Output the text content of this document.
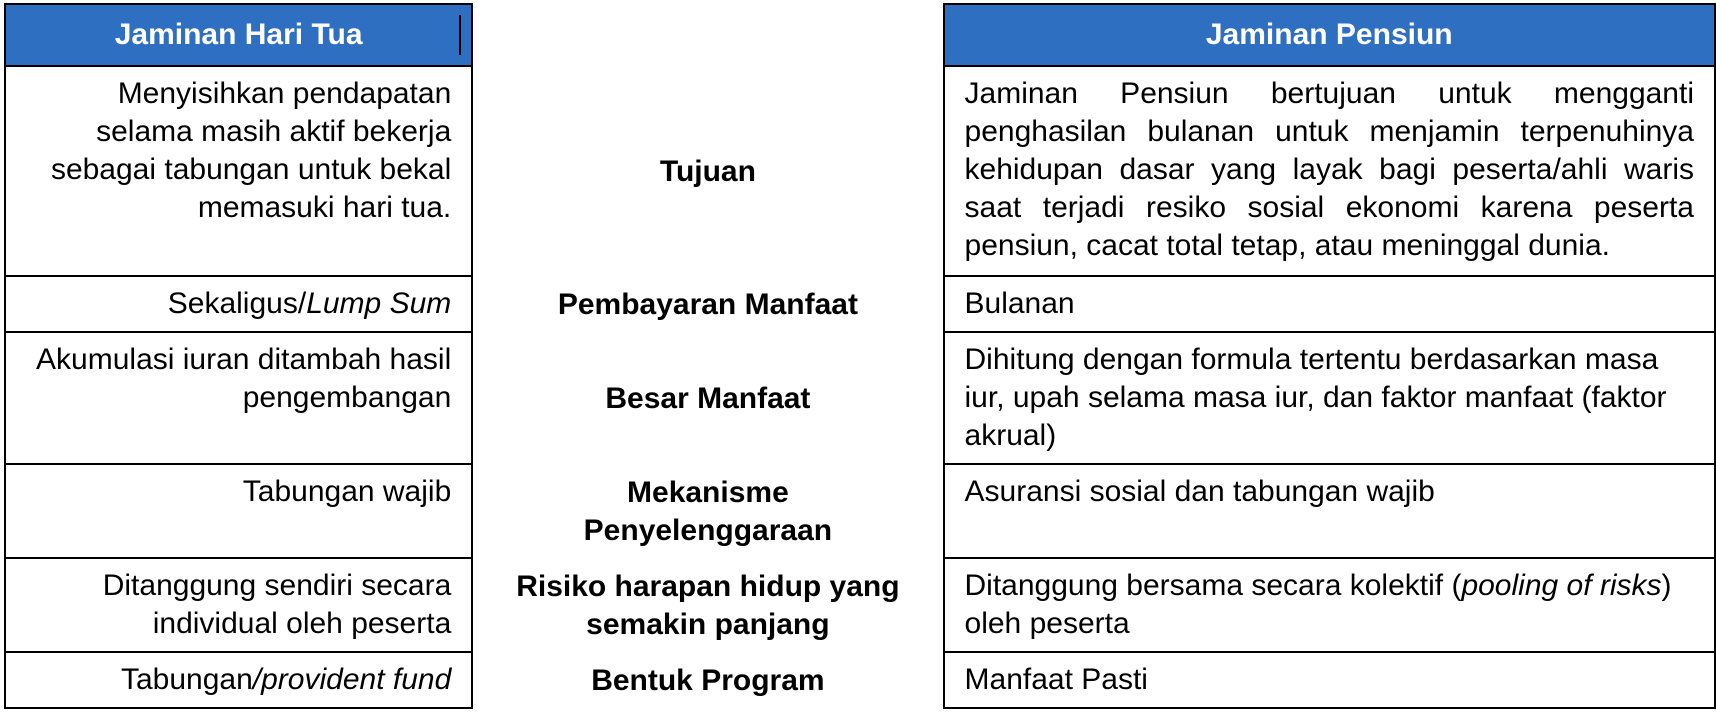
Jaminan Hari Tua		Jaminan Pensiun
Menyisihkan pendapatan selama masih aktif bekerja sebagai tabungan untuk bekal memasuki hari tua.	Tujuan	Jaminan Pensiun bertujuan untuk mengganti penghasilan bulanan untuk menjamin terpenuhinya kehidupan dasar yang layak bagi peserta/ahli waris saat terjadi resiko sosial ekonomi karena peserta pensiun, cacat total tetap, atau meninggal dunia.
Sekaligus/Lump Sum	Pembayaran Manfaat	Bulanan
Akumulasi iuran ditambah hasil pengembangan	Besar Manfaat	Dihitung dengan formula tertentu berdasarkan masa iur, upah selama masa iur, dan faktor manfaat (faktor akrual)
Tabungan wajib	Mekanisme Penyelenggaraan	Asuransi sosial dan tabungan wajib
Ditanggung sendiri secara individual oleh peserta	Risiko harapan hidup yang semakin panjang	Ditanggung bersama secara kolektif (pooling of risks) oleh peserta
Tabungan/provident fund	Bentuk Program	Manfaat Pasti
